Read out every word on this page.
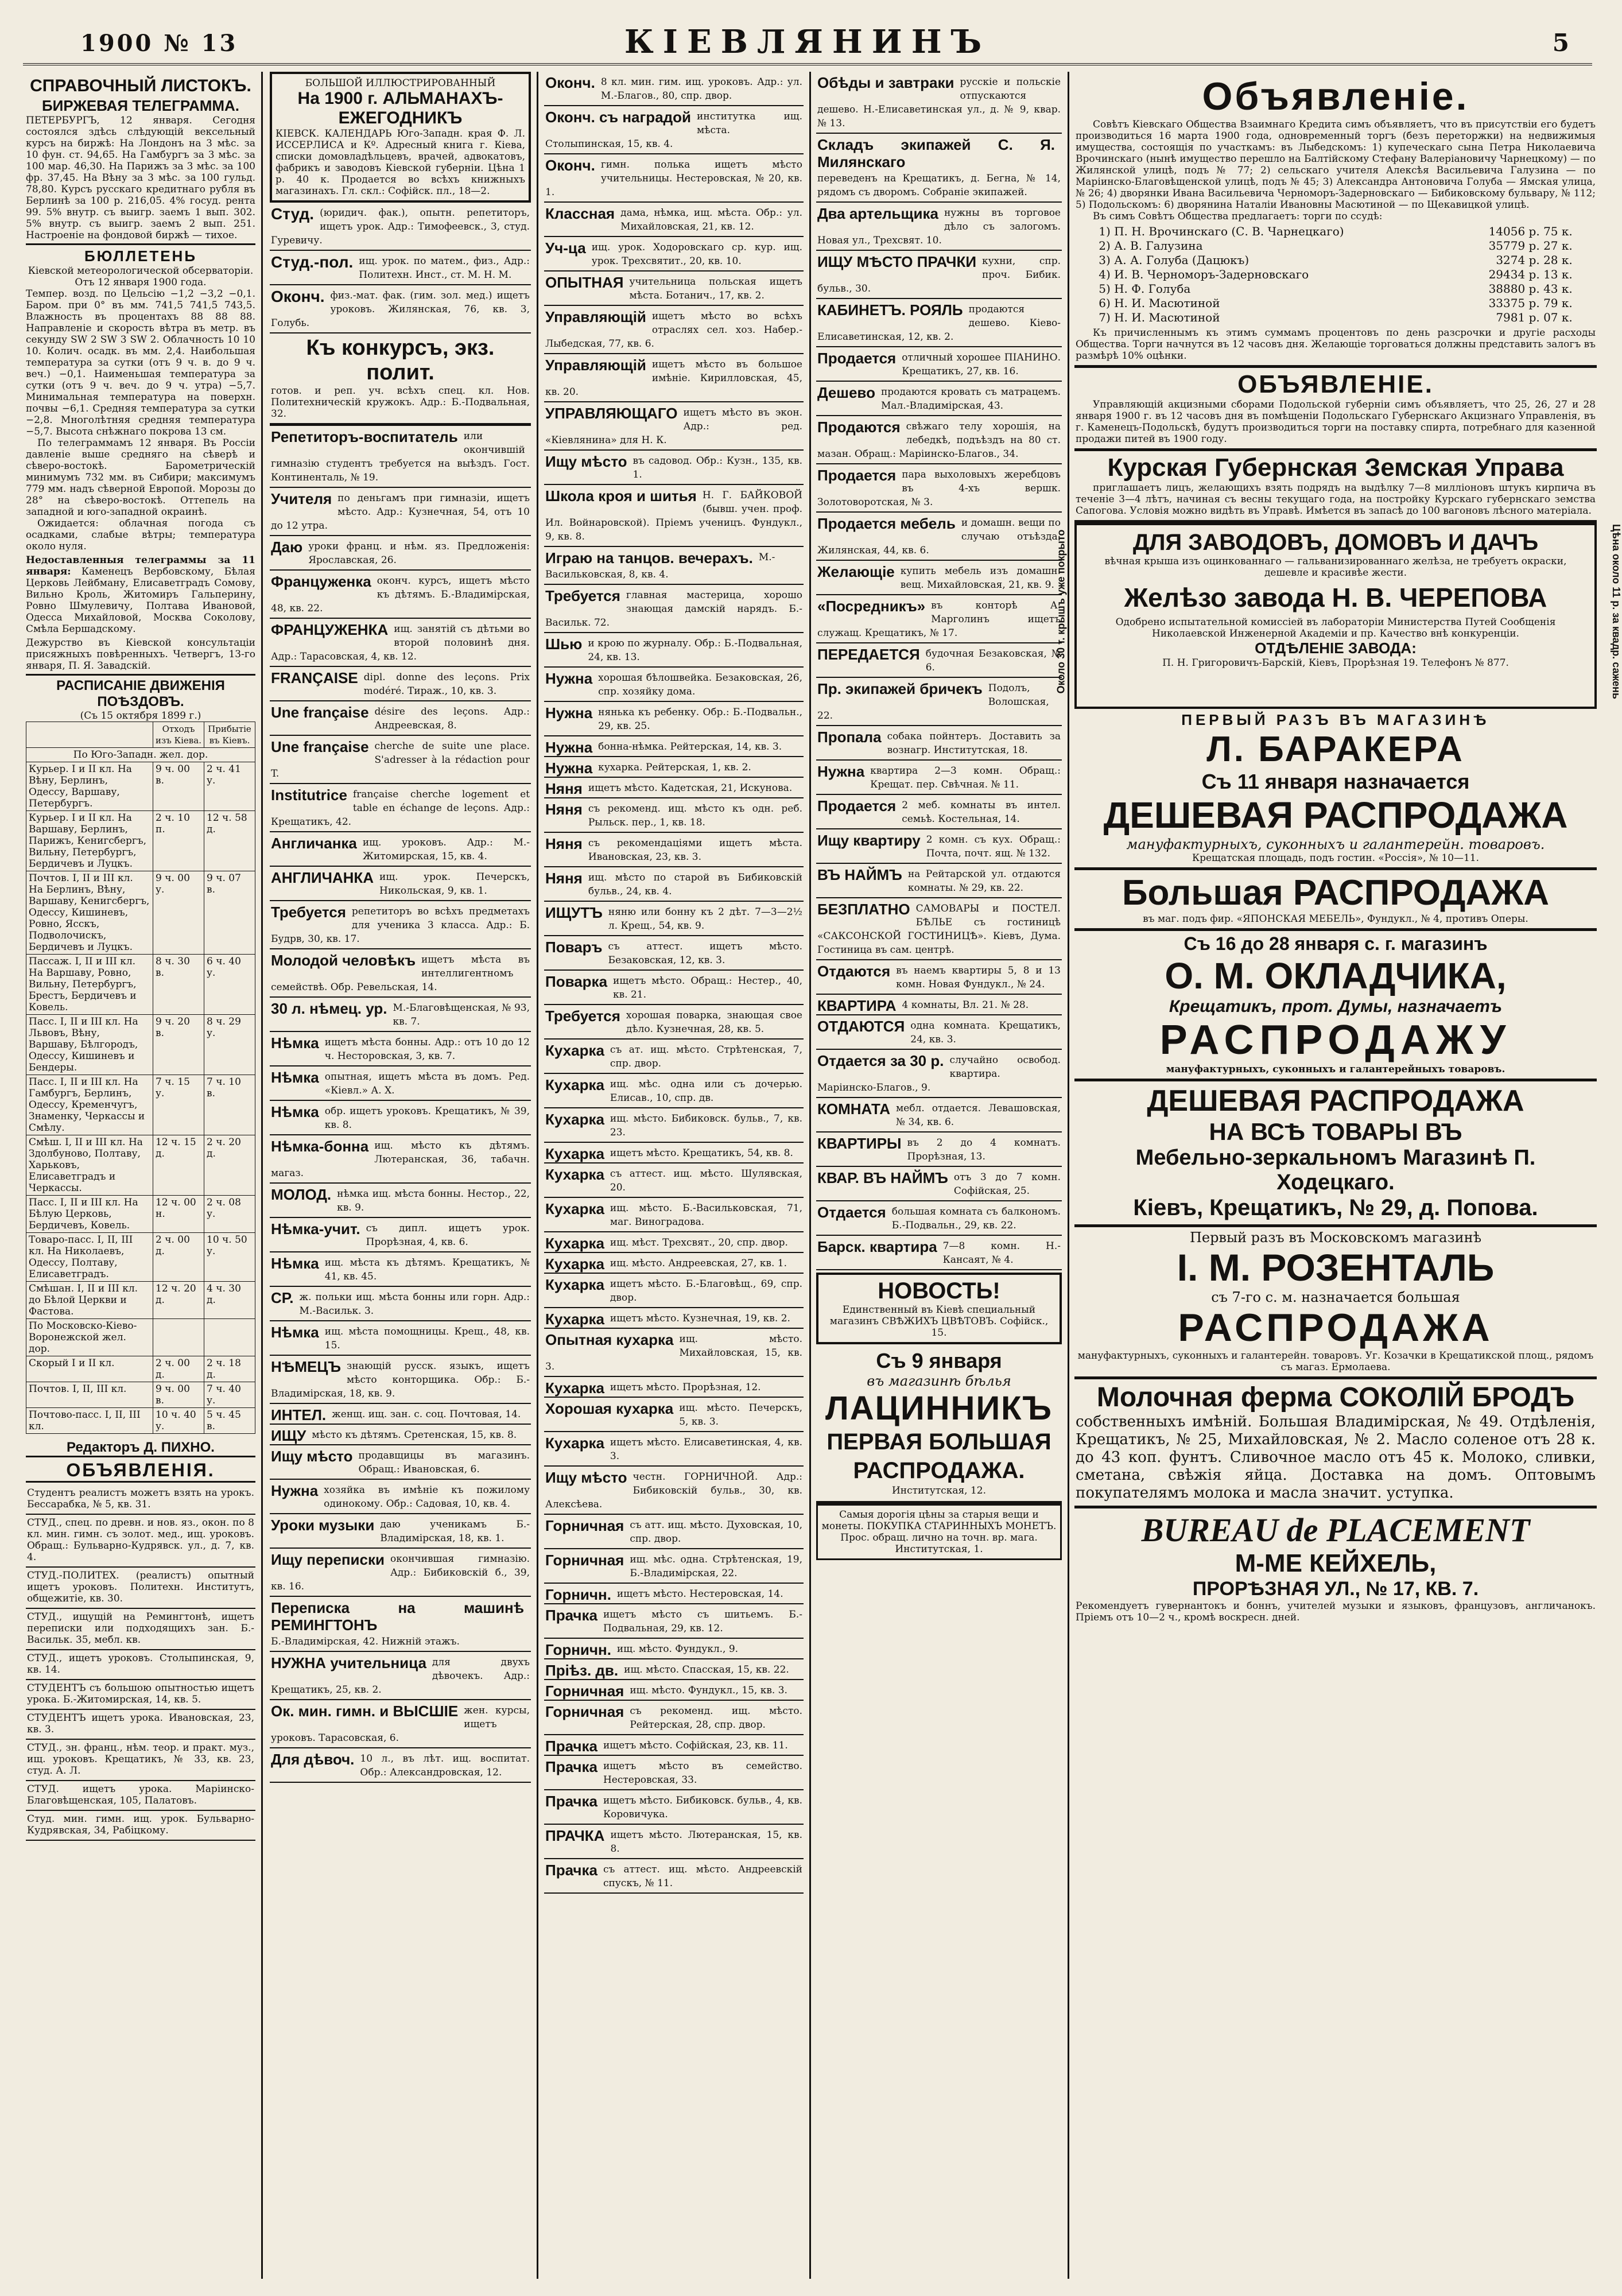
1900 № 13	КІЕВЛЯНИНЪ	5
СПРАВОЧНЫЙ ЛИСТОКЪ.
БИРЖЕВАЯ ТЕЛЕГРАММА.
ПЕТЕРБУРГЪ, 12 января. Сегодня состоялся здѣсь слѣдующій вексельный курсъ на биржѣ: На Лондонъ на 3 мѣс. за 10 фун. ст. 94,65. На Гамбургъ за 3 мѣс. за 100 мар. 46,30. На Парижъ за 3 мѣс. за 100 фр. 37,45. На Вѣну за 3 мѣс. за 100 гульд. 78,80. Курсъ русскаго кредитнаго рубля въ Берлинѣ за 100 р. 216,05. 4% госуд. рента 99. 5% внутр. съ выигр. заемъ 1 вып. 302. 5% внутр. съ выигр. заемъ 2 вып. 251. Настроеніе на фондовой биржѣ — тихое.
БЮЛЛЕТЕНЬ
Кіевской метеорологической обсерваторіи. Отъ 12 января 1900 года.
Темпер. возд. по Цельсію −1,2 −3,2 −0,1. Баром. при 0° въ мм. 741,5 741,5 743,5. Влажность въ процентахъ 88 88 88. Направленіе и скорость вѣтра въ метр. въ секунду SW 2 SW 3 SW 2. Облачность 10 10 10. Колич. осадк. въ мм. 2,4. Наибольшая температура за сутки (отъ 9 ч. в. до 9 ч. веч.) −0,1. Наименьшая температура за сутки (отъ 9 ч. веч. до 9 ч. утра) −5,7. Минимальная температура на поверхн. почвы −6,1. Средняя температура за сутки −2,8. Многолѣтняя средняя температура −5,7. Высота снѣжнаго покрова 13 см.
По телеграммамъ 12 января. Въ Россіи давленіе выше средняго на сѣверѣ и сѣверо-востокѣ. Барометрическій минимумъ 732 мм. въ Сибири; максимумъ 779 мм. надъ сѣверной Европой. Морозы до 28° на сѣверо-востокѣ. Оттепель на западной и юго-западной окраинѣ.
Ожидается: облачная погода съ осадками, слабые вѣтры; температура около нуля.
Недоставленныя телеграммы за 11 января: Каменецъ Вербовскому, Бѣлая Церковь Лейбману, Елисаветградъ Сомову, Вильно Кроль, Житомиръ Гальперину, Ровно Шмулевичу, Полтава Ивановой, Одесса Михайловой, Москва Соколову, Смѣла Бершадскому.
Дежурство въ Кіевской консультаціи присяжныхъ повѣренныхъ. Четвергъ, 13-го января, П. Я. Завадскій.
РАСПИСАНІЕ ДВИЖЕНІЯ ПОѢЗДОВЪ.
(Съ 15 октября 1899 г.)
	Отходъ изъ Кіева.	Прибытіе въ Кіевъ.
По Юго-Западн. жел. дор.		
Курьер. I и II кл. На Вѣну, Берлинъ, Одессу, Варшаву, Петербургъ.	9 ч. 00 в.	2 ч. 41 у.
Курьер. I и II кл. На Варшаву, Берлинъ, Парижъ, Кенигсбергъ, Вильну, Петербургъ, Бердичевъ и Луцкъ.	2 ч. 10 п.	12 ч. 58 д.
Почтов. I, II и III кл. На Берлинъ, Вѣну, Варшаву, Кенигсбергъ, Одессу, Кишиневъ, Ровно, Ясскъ, Подволочискъ, Бердичевъ и Луцкъ.	9 ч. 00 у.	9 ч. 07 в.
Пассаж. I, II и III кл. На Варшаву, Ровно, Вильну, Петербургъ, Брестъ, Бердичевъ и Ковель.	8 ч. 30 в.	6 ч. 40 у.
Пасс. I, II и III кл. На Львовъ, Вѣну, Варшаву, Бѣлгородъ, Одессу, Кишиневъ и Бендеры.	9 ч. 20 в.	8 ч. 29 у.
Пасс. I, II и III кл. На Гамбургъ, Берлинъ, Одессу, Кременчугъ, Знаменку, Черкассы и Смѣлу.	7 ч. 15 у.	7 ч. 10 в.
Смѣш. I, II и III кл. На Здолбуново, Полтаву, Харьковъ, Елисаветградъ и Черкассы.	12 ч. 15 д.	2 ч. 20 д.
Пасс. I, II и III кл. На Бѣлую Церковь, Бердичевъ, Ковель.	12 ч. 00 н.	2 ч. 08 у.
Товаро-пасс. I, II, III кл. На Николаевъ, Одессу, Полтаву, Елисаветградъ.	2 ч. 00 д.	10 ч. 50 у.
Смѣшан. I, II и III кл. до Бѣлой Церкви и Фастова.	12 ч. 20 д.	4 ч. 30 д.
По Московско-Кіево-Воронежской жел. дор.		
Скорый I и II кл.	2 ч. 00 д.	2 ч. 18 д.
Почтов. I, II, III кл.	9 ч. 00 в.	7 ч. 40 у.
Почтово-пасс. I, II, III кл.	10 ч. 40 у.	5 ч. 45 в.
Редакторъ Д. ПИХНО.
ОБЪЯВЛЕНІЯ.
Студентъ реалистъ можетъ взять на урокъ. Бессарабка, № 5, кв. 31.
СТУД., спец. по древн. и нов. яз., окон. по 8 кл. мин. гимн. съ золот. мед., ищ. уроковъ. Обращ.: Бульварно-Кудрявск. ул., д. 7, кв. 4.
СТУД.-ПОЛИТЕХ. (реалистъ) опытный ищетъ уроковъ. Политехн. Институтъ, общежитіе, кв. 30.
СТУД., ищущій на Ремингтонѣ, ищетъ переписки или подходящихъ зан. Б.-Васильк. 35, мебл. кв.
СТУД., ищетъ уроковъ. Столыпинская, 9, кв. 14.
СТУДЕНТЪ съ большою опытностью ищетъ урока. Б.-Житомирская, 14, кв. 5.
СТУДЕНТЪ ищетъ урока. Ивановская, 23, кв. 3.
СТУД., зн. франц., нѣм. теор. и практ. муз., ищ. уроковъ. Крещатикъ, № 33, кв. 23, студ. А. Л.
СТУД. ищетъ урока. Маріинско-Благовѣщенская, 105, Палатовъ.
Студ. мин. гимн. ищ. урок. Бульварно-Кудрявская, 34, Рабіцкому.
БОЛЬШОЙ ИЛЛЮСТРИРОВАННЫЙ
На 1900 г. АЛЬМАНАХЪ-ЕЖЕГОДНИКЪ
КІЕВСК. КАЛЕНДАРЬ Юго-Западн. края Ф. Л. ИССЕРЛИСА и Кº. Адресный книга г. Кіева, списки домовладѣльцевъ, врачей, адвокатовъ, фабрикъ и заводовъ Кіевской губерніи. Цѣна 1 р. 40 к. Продается во всѣхъ книжныхъ магазинахъ. Гл. скл.: Софійск. пл., 18—2.
Студ. (юридич. фак.), опытн. репетиторъ, ищетъ урок. Адр.: Тимофеевск., 3, студ. Гуревичу.
Студ.-пол. ищ. урок. по матем., физ., Адр.: Политехн. Инст., ст. М. Н. М.
Оконч. физ.-мат. фак. (гим. зол. мед.) ищетъ уроковъ. Жилянская, 76, кв. 3, Голубь.
Къ конкурсъ, экз. полит.
готов. и реп. уч. всѣхъ спец. кл. Нов. Политехническій кружокъ. Адр.: Б.-Подвальная, 32.
Репетиторъ-воспитатель или окончившій гимназію студентъ требуется на выѣздъ. Гост. Континенталь, № 19.
Учителя по деньгамъ при гимназіи, ищетъ мѣсто. Адр.: Кузнечная, 54, отъ 10 до 12 утра.
Даю уроки франц. и нѣм. яз. Предложенія: Ярославская, 26.
Француженка оконч. курсъ, ищетъ мѣсто къ дѣтямъ. Б.-Владимірская, 48, кв. 22.
ФРАНЦУЖЕНКА ищ. занятій съ дѣтьми во второй половинѣ дня. Адр.: Тарасовская, 4, кв. 12.
FRANÇAISE dipl. donne des leçons. Prix modéré. Тираж., 10, кв. 3.
Une française désire des leçons. Адр.: Андреевская, 8.
Une française cherche de suite une place. S'adresser à la rédaction pour T.
Institutrice française cherche logement et table en échange de leçons. Адр.: Крещатикъ, 42.
Англичанка ищ. уроковъ. Адр.: М.-Житомирская, 15, кв. 4.
АНГЛИЧАНКА ищ. урок. Печерскъ, Никольская, 9, кв. 1.
Требуется репетиторъ во всѣхъ предметахъ для ученика 3 класса. Адр.: Б. Будрв, 30, кв. 17.
Молодой человѣкъ ищетъ мѣста въ интеллигентномъ семействѣ. Обр. Ревельская, 14.
30 л. нѣмец. ур. М.-Благовѣщенская, № 93, кв. 7.
Нѣмка ищетъ мѣста бонны. Адр.: отъ 10 до 12 ч. Несторовская, 3, кв. 7.
Нѣмка опытная, ищетъ мѣста въ домъ. Ред. «Кіевл.» А. Х.
Нѣмка обр. ищетъ уроковъ. Крещатикъ, № 39, кв. 8.
Нѣмка-бонна ищ. мѣсто къ дѣтямъ. Лютеранская, 36, табачн. магаз.
МОЛОД. нѣмка ищ. мѣста бонны. Нестор., 22, кв. 9.
Нѣмка-учит. съ дипл. ищетъ урок. Прорѣзная, 4, кв. 6.
Нѣмка ищ. мѣста къ дѣтямъ. Крещатикъ, № 41, кв. 45.
СР. ж. польки ищ. мѣста бонны или горн. Адр.: М.-Васильк. 3.
Нѣмка ищ. мѣста помощницы. Крещ., 48, кв. 15.
НѢМЕЦЪ знающій русск. языкъ, ищетъ мѣсто конторщика. Обр.: Б.-Владимірская, 18, кв. 9.
ИНТЕЛ. женщ. ищ. зан. с. соц. Почтовая, 14.
ИЩУ мѣсто къ дѣтямъ. Сретенская, 15, кв. 8.
Ищу мѣсто продавщицы въ магазинъ. Обращ.: Ивановская, 6.
Нужна хозяйка въ имѣніе къ пожилому одинокому. Обр.: Садовая, 10, кв. 4.
Уроки музыки даю ученикамъ Б.-Владимірская, 18, кв. 1.
Ищу переписки окончившая гимназію. Адр.: Бибиковскій б., 39, кв. 16.
Переписка на машинѣ РЕМИНГТОНЪ
Б.-Владимірская, 42. Нижній этажъ.
НУЖНА учительница для двухъ дѣвочекъ. Адр.: Крещатикъ, 25, кв. 2.
Ок. мин. гимн. и ВЫСШІЕ жен. курсы, ищетъ уроковъ. Тарасовская, 6.
Для дѣвоч. 10 л., въ лѣт. ищ. воспитат. Обр.: Александровская, 12.
Оконч. 8 кл. мин. гим. ищ. уроковъ. Адр.: ул. М.-Благов., 80, спр. двор.
Оконч. съ наградой институтка ищ. мѣста. Столыпинская, 15, кв. 4.
Оконч. гимн. полька ищетъ мѣсто учительницы. Нестеровская, № 20, кв. 1.
Классная дама, нѣмка, ищ. мѣста. Обр.: ул. Михайловская, 21, кв. 12.
Уч-ца ищ. урок. Ходоровскаго ср. кур. ищ. урок. Трехсвятит., 20, кв. 10.
ОПЫТНАЯ учительница польская ищетъ мѣста. Ботанич., 17, кв. 2.
Управляющій ищетъ мѣсто во всѣхъ отраслях сел. хоз. Набер.-Лыбедская, 77, кв. 6.
Управляющій ищетъ мѣсто въ большое имѣніе. Кирилловская, 45, кв. 20.
УПРАВЛЯЮЩАГО ищетъ мѣсто въ экон. Адр.: ред. «Кіевлянина» для Н. К.
Ищу мѣсто въ садовод. Обр.: Кузн., 135, кв. 1.
Школа кроя и шитья Н. Г. БАЙКОВОЙ (бывш. учен. проф. Ил. Войнаровской). Пріемъ ученицъ. Фундукл., 9, кв. 8.
Играю на танцов. вечерахъ. М.-Васильковская, 8, кв. 4.
Требуется главная мастерица, хорошо знающая дамскій нарядъ. Б.-Васильк. 72.
Шью и крою по журналу. Обр.: Б.-Подвальная, 24, кв. 13.
Нужна хорошая бѣлошвейка. Безаковская, 26, спр. хозяйку дома.
Нужна нянька къ ребенку. Обр.: Б.-Подвальн., 29, кв. 25.
Нужна бонна-нѣмка. Рейтерская, 14, кв. 3.
Нужна кухарка. Рейтерская, 1, кв. 2.
Няня ищетъ мѣсто. Кадетская, 21, Искунова.
Няня съ рекоменд. ищ. мѣсто къ одн. реб. Рыльск. пер., 1, кв. 18.
Няня съ рекомендаціями ищетъ мѣста. Ивановская, 23, кв. 3.
Няня ищ. мѣсто по старой въ Бибиковскій бульв., 24, кв. 4.
ИЩУТЪ няню или бонну къ 2 дѣт. 7—3—2½ л. Крещ., 54, кв. 9.
Поваръ съ аттест. ищетъ мѣсто. Безаковская, 12, кв. 3.
Поварка ищетъ мѣсто. Обращ.: Нестер., 40, кв. 21.
Требуется хорошая поварка, знающая свое дѣло. Кузнечная, 28, кв. 5.
Кухарка съ ат. ищ. мѣсто. Стрѣтенская, 7, спр. двор.
Кухарка ищ. мѣс. одна или съ дочерью. Елисав., 10, спр. дв.
Кухарка ищ. мѣсто. Бибиковск. бульв., 7, кв. 23.
Кухарка ищетъ мѣсто. Крещатикъ, 54, кв. 8.
Кухарка съ аттест. ищ. мѣсто. Шулявская, 20.
Кухарка ищ. мѣсто. Б.-Васильковская, 71, маг. Виноградова.
Кухарка ищ. мѣст. Трехсвят., 20, спр. двор.
Кухарка ищ. мѣсто. Андреевская, 27, кв. 1.
Кухарка ищетъ мѣсто. Б.-Благовѣщ., 69, спр. двор.
Кухарка ищетъ мѣсто. Кузнечная, 19, кв. 2.
Опытная кухарка ищ. мѣсто. Михайловская, 15, кв. 3.
Кухарка ищетъ мѣсто. Прорѣзная, 12.
Хорошая кухарка ищ. мѣсто. Печерскъ, 5, кв. 3.
Кухарка ищетъ мѣсто. Елисаветинская, 4, кв. 3.
Ищу мѣсто честн. ГОРНИЧНОЙ. Адр.: Бибиковскій бульв., 30, кв. Алексѣева.
Горничная съ атт. ищ. мѣсто. Духовская, 10, спр. двор.
Горничная ищ. мѣс. одна. Стрѣтенская, 19, Б.-Владимірская, 22.
Горничн. ищетъ мѣсто. Нестеровская, 14.
Прачка ищетъ мѣсто съ шитьемъ. Б.-Подвальная, 29, кв. 12.
Горничн. ищ. мѣсто. Фундукл., 9.
Пріѣз. дв. ищ. мѣсто. Спасская, 15, кв. 22.
Горничная ищ. мѣсто. Фундукл., 15, кв. 3.
Горничная съ рекоменд. ищ. мѣсто. Рейтерская, 28, спр. двор.
Прачка ищетъ мѣсто. Софійская, 23, кв. 11.
Прачка ищетъ мѣсто въ семейство. Нестеровская, 33.
Прачка ищетъ мѣсто. Бибиковск. бульв., 4, кв. Коровичука.
ПРАЧКА ищетъ мѣсто. Лютеранская, 15, кв. 8.
Прачка съ аттест. ищ. мѣсто. Андреевскій спускъ, № 11.
Обѣды и завтраки русскіе и польскіе отпускаются дешево. Н.-Елисаветинская ул., д. № 9, квар. № 13.
Складъ экипажей С. Я. Милянскаго
переведенъ на Крещатикъ, д. Бегна, № 14, рядомъ съ дворомъ. Собраніе экипажей.
Два артельщика нужны въ торговое дѣло съ залогомъ. Новая ул., Трехсвят. 10.
ИЩУ МѢСТО ПРАЧКИ кухни, спр. проч. Бибик. бульв., 30.
КАБИНЕТЪ. РОЯЛЬ продаются дешево. Кіево-Елисаветинская, 12, кв. 2.
Продается отличный хорошее ПІАНИНО. Крещатикъ, 27, кв. 16.
Дешево продаются кровать съ матрацемъ. Мал.-Владимірская, 43.
Продаются свѣжаго телу хорошія, на лебедкѣ, подъѣздъ на 80 ст. мазан. Обращ.: Маріинско-Благов., 34.
Продается пара выхоловыхъ жеребцовъ въ 4-хъ вершк. Золотоворотская, № 3.
Продается мебель и домашн. вещи по случаю отъѣзда. Жилянская, 44, кв. 6.
Желающіе купить мебель изъ домашн. вещ. Михайловская, 21, кв. 9.
«Посредникъ» въ конторѣ А. Марголинъ ищетъ служащ. Крещатикъ, № 17.
ПЕРЕДАЕТСЯ будочная Безаковская, № 6.
Пр. экипажей бричекъ Подолъ, Волошская, 22.
Пропала собака пойнтеръ. Доставить за вознагр. Институтская, 18.
Нужна квартира 2—3 комн. Обращ.: Крещат. пер. Свѣчная. № 11.
Продается 2 меб. комнаты въ интел. семьѣ. Костельная, 14.
Ищу квартиру 2 комн. съ кух. Обращ.: Почта, почт. ящ. № 132.
ВЪ НАЙМЪ на Рейтарской ул. отдаются комнаты. № 29, кв. 22.
БЕЗПЛАТНО САМОВАРЫ и ПОСТЕЛ. БѢЛЬЕ съ гостиницѣ «САКСОНСКОЙ ГОСТИНИЦѢ». Кіевъ, Дума. Гостиница въ сам. центрѣ.
Отдаются въ наемъ квартиры 5, 8 и 13 комн. Новая Фундукл., № 24.
КВАРТИРА 4 комнаты, Вл. 21. № 28.
ОТДАЮТСЯ одна комната. Крещатикъ, 24, кв. 3.
Отдается за 30 р. случайно освобод. квартира. Маріинско-Благов., 9.
КОМНАТА мебл. отдается. Левашовская, № 34, кв. 6.
КВАРТИРЫ въ 2 до 4 комнатъ. Прорѣзная, 13.
КВАР. ВЪ НАЙМЪ отъ 3 до 7 комн. Софійская, 25.
Отдается большая комната съ балкономъ. Б.-Подвальн., 29, кв. 22.
Барск. квартира 7—8 комн. Н.-Кансаят, № 4.
НОВОСТЬ!
Единственный въ Кіевѣ специальный магазинъ СВѢЖИХЪ ЦВѢТОВЪ. Софійск., 15.
Съ 9 января
въ магазинѣ бѣлья
ЛАЦИННИКЪ
ПЕРВАЯ БОЛЬШАЯ РАСПРОДАЖА.
Институтская, 12.
Самыя дорогія цѣны за старыя вещи и монеты. ПОКУПКА СТАРИННЫХЪ МОНЕТЪ. Проc. обращ. лично на точн. вр. мага. Институтская, 1.
Объявленіе.
Совѣтъ Кіевскаго Общества Взаимнаго Кредита симъ объявляетъ, что въ присутствіи его будетъ производиться 16 марта 1900 года, одновременный торгъ (безъ переторжки) на недвижимыя имущества, состоящія по участкамъ: въ Лыбедскомъ: 1) купеческаго сына Петра Николаевича Врочинскаго (нынѣ имущество перешло на Балтійскому Стефану Валеріановичу Чарнецкому) — по Жилянской улицѣ, подъ № 77; 2) сельскаго учителя Алексѣя Васильевича Галузина — по Маріинско-Благовѣщенской улицѣ, подъ № 45; 3) Александра Антоновича Голуба — Ямская улица, № 26; 4) дворянки Ивана Васильевича Черноморъ-Задерновскаго — Бибиковскому бульвару, № 112; 5) Подольскомъ: 6) дворянина Наталіи Ивановны Масютиной — по Щекавицкой улицѣ.
Въ симъ Совѣтъ Общества предлагаетъ: торги по ссудѣ:
1) П. Н. Врочинскаго (С. В. Чарнецкаго)	14056 р. 75 к.
2) А. В. Галузина	35779 р. 27 к.
3) А. А. Голуба (Дацюкъ)	3274 р. 28 к.
4) И. В. Черноморъ-Задерновскаго	29434 р. 13 к.
5) Н. Ф. Голуба	38880 р. 43 к.
6) Н. И. Масютиной	33375 р. 79 к.
7) Н. И. Масютиной	7981 р. 07 к.
Къ причисленнымъ къ этимъ суммамъ процентовъ по день разсрочки и другіе расходы Общества. Торги начнутся въ 12 часовъ дня. Желающіе торговаться должны представить залогъ въ размѣрѣ 10% оцѣнки.
ОБЪЯВЛЕНІЕ.
Управляющій акцизными сборами Подольской губерніи симъ объявляетъ, что 25, 26, 27 и 28 января 1900 г. въ 12 часовъ дня въ помѣщеніи Подольскаго Губернскаго Акцизнаго Управленія, въ г. Каменецъ-Подольскѣ, будутъ производиться торги на поставку спирта, потребнаго для казенной продажи питей въ 1900 году.
Курская Губернская Земская Управа
приглашаетъ лицъ, желающихъ взять подрядъ на выдѣлку 7—8 милліоновъ штукъ кирпича въ теченіе 3—4 лѣтъ, начиная съ весны текущаго года, на постройку Курскаго губернскаго земства Сапогова. Условія можно видѣть въ Управѣ. Имѣется въ запасѣ до 100 вагоновъ лѣсного матеріала.
Около 30 т. крышъ уже покрыто	Цѣна около 11 р. за квадр. сажень
ДЛЯ ЗАВОДОВЪ, ДОМОВЪ И ДАЧЪ
вѣчная крыша изъ оцинкованнаго — гальванизированнаго желѣза, не требуетъ окраски, дешевле и красивѣе жести.
Желѣзо завода Н. В. ЧЕРЕПОВА
Одобрено испытательной комиссіей въ лабораторіи Министерства Путей Сообщенія Николаевской Инженерной Академіи и пр. Качество внѣ конкуренціи.
ОТДѢЛЕНІЕ ЗАВОДА:
П. Н. Григоровичъ-Барскій, Кіевъ, Прорѣзная 19. Телефонъ № 877.
ПЕРВЫЙ РАЗЪ ВЪ МАГАЗИНѢ
Л. БАРАКЕРА
Съ 11 января назначается
ДЕШЕВАЯ РАСПРОДАЖА
мануфактурныхъ, суконныхъ и галантерейн. товаровъ.
Крещатская площадь, подъ гостин. «Россія», № 10—11.
Большая РАСПРОДАЖА
въ маг. подъ фир. «ЯПОНСКАЯ МЕБЕЛЬ», Фундукл., № 4, противъ Оперы.
Съ 16 до 28 января с. г. магазинъ
О. М. ОКЛАДЧИКА,
Крещатикъ, прот. Думы, назначаетъ
РАСПРОДАЖУ
мануфактурныхъ, суконныхъ и галантерейныхъ товаровъ.
ДЕШЕВАЯ РАСПРОДАЖА
НА ВСѢ ТОВАРЫ ВЪ
Мебельно-зеркальномъ Магазинѣ П. Ходецкаго.
Кіевъ, Крещатикъ, № 29, д. Попова.
Первый разъ въ Московскомъ магазинѣ
І. М. РОЗЕНТАЛЬ
съ 7-го с. м. назначается большая
РАСПРОДАЖА
мануфактурныхъ, суконныхъ и галантерейн. товаровъ. Уг. Козачки в Крещатикской площ., рядомъ съ магаз. Ермолаева.
Молочная ферма СОКОЛІЙ БРОДЪ
собственныхъ имѣній. Большая Владимірская, № 49. Отдѣленія, Крещатикъ, № 25, Михайловская, № 2. Масло соленое отъ 28 к. до 43 коп. фунтъ. Сливочное масло отъ 45 к. Молоко, сливки, сметана, свѣжія яйца. Доставка на домъ. Оптовымъ покупателямъ молока и масла значит. уступка.
BUREAU de PLACEMENT
М-МЕ КЕЙХЕЛЬ,
ПРОРѢЗНАЯ УЛ., № 17, КВ. 7.
Рекомендуетъ гувернантокъ и боннъ, учителей музыки и языковъ, французовъ, англичанокъ. Пріемъ отъ 10—2 ч., кромѣ воскресн. дней.
